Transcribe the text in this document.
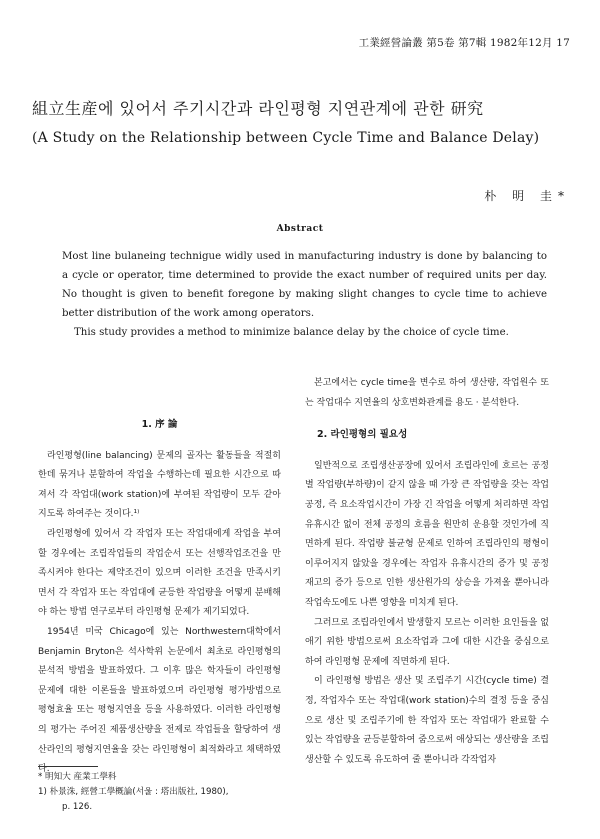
工業經營論叢 第5卷 第7輯 1982年12月 17
組立生産에 있어서 주기시간과 라인평형 지연관계에 관한 研究
(A Study on the Relationship between Cycle Time and Balance Delay)
朴 明 圭*
Abstract

Most line bulaneing technigue widly used in manufacturing industry is done by balancing to a cycle or operator, time determined to provide the exact number of required units per day. No thought is given to benefit foregone by making slight changes to cycle time to achieve better distribution of the work among operators.

This study provides a method to minimize balance delay by the choice of cycle time.

1. 序 論

라인평형(line balancing) 문제의 골자는 활동들을 적절히 한데 묶거나 분할하여 작업을 수행하는데 필요한 시간으로 따져서 각 작업대(work station)에 부여된 작업량이 모두 같아지도록 하여주는 것이다.¹⁾

라인평형에 있어서 각 작업자 또는 작업대에게 작업을 부여할 경우에는 조립작업들의 작업순서 또는 선행작업조건을 만족시켜야 한다는 제약조건이 있으며 이러한 조건을 만족시키면서 각 작업자 또는 작업대에 균등한 작업량을 어떻게 분배해야 하는 방법 연구로부터 라인평형 문제가 제기되었다.

1954년 미국 Chicago에 있는 Northwestern대학에서 Benjamin Bryton은 석사학위 논문에서 최초로 라인평형의 분석적 방법을 발표하였다. 그 이후 많은 학자들이 라인평형 문제에 대한 이론들을 발표하였으며 라인평형 평가방법으로 평형효율 또는 평형지연을 등을 사용하였다. 이러한 라인평형의 평가는 주어진 제품생산량을 전제로 작업들을 할당하여 생산라인의 평형지연율을 갖는 라인평형이 최적화라고 채택하였다.

본고에서는 cycle time을 변수로 하여 생산량, 작업원수 또는 작업대수 지연율의 상호변화관계를 용도 · 분석한다.

2. 라인평형의 필요성

일반적으로 조립생산공장에 있어서 조립라인에 흐르는 공정별 작업량(부하량)이 같지 않을 때 가장 큰 작업량을 갖는 작업공정, 즉 요소작업시간이 가장 긴 작업을 어떻게 처리하면 작업유휴시간 없이 전체 공정의 흐름을 원만히 운용할 것인가에 직면하게 된다. 작업량 불균형 문제로 인하여 조립라인의 평형이 이루어지지 않았을 경우에는 작업자 유휴시간의 증가 및 공정재고의 증가 등으로 인한 생산원가의 상승을 가져올 뿐아니라 작업속도에도 나쁜 영향을 미치게 된다.

그러므로 조립라인에서 발생할지 모르는 이러한 요인들을 없애기 위한 방법으로써 요소작업과 그에 대한 시간을 중심으로 하여 라인평형 문제에 직면하게 된다.

이 라인평형 방법은 생산 및 조립주기 시간(cycle time) 결정, 작업자수 또는 작업대(work station)수의 결정 등을 중심으로 생산 및 조립주기에 한 작업자 또는 작업대가 완료할 수 있는 작업량을 균등분할하여 줌으로써 애상되는 생산량을 조립생산할 수 있도록 유도하여 줄 뿐아니라 각작업자

* 明知大 産業工學科
1) 朴景洙, 經營工學概論(서울 : 塔出版社, 1980),
p. 126.
